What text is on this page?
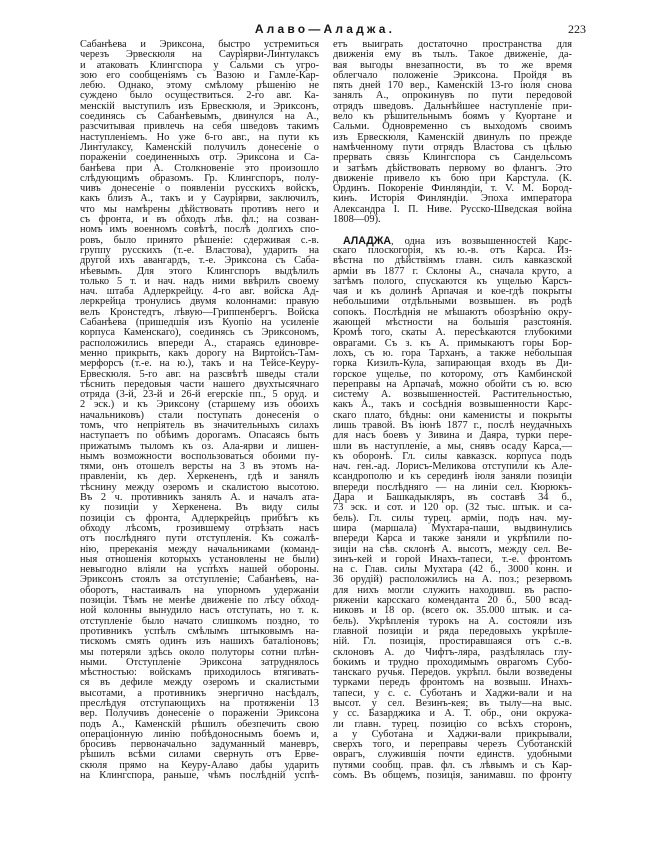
Алаво—Аладжа.	223
Сабанѣева и Эриксона, быстро устремиться
черезъ Эрвескюля на Сауріярви-Линтулаксъ
и атаковать Клингспора у Сальми съ угро-
зою его сообщеніямъ съ Вазою и Гамле-Кар-
лебю. Однако, этому смѣлому рѣшенію не
суждено было осуществиться. 2-го авг. Ка-
менскій выступилъ изъ Ервескюля, и Эриксонъ,
соединясь съ Сабанѣевымъ, двинулся на А.,
разсчитывая привлечь на себя шведовъ такимъ
наступленіемъ. Но уже 6-го авг., на пути къ
Линтулаксу, Каменскій получилъ донесеніе о
пораженіи соединенныхъ отр. Эриксона и Са-
банѣева при А. Столкновеніе это произошло
слѣдующимъ образомъ. Гр. Клингспоръ, полу-
чивъ донесеніе о появленіи русскихъ войскъ,
какъ близъ А., такъ и у Сауріярви, заключилъ,
что мы намѣрены дѣйствовать противъ него и
съ фронта, и въ обходъ лѣв. фл.; на созван-
номъ имъ военномъ совѣтѣ, послѣ долгихъ спо-
ровъ, было принято рѣшеніе: сдерживая с.-в.
группу русскихъ (т.-е. Властова), ударить на
другой ихъ авангардъ, т.-е. Эриксона съ Саба-
нѣевымъ. Для этого Клингспоръ выдѣлилъ
только 5 т. и нач. надъ ними ввѣрилъ своему
нач. штаба Адлеркрейцу. 4-го авг. войска Ад-
леркрейца тронулись двумя колоннами: правую
велъ Кронстедтъ, лѣвую—Гриппенбергъ. Войска
Сабанѣева (пришедшія изъ Куопіо на усиленіе
корпуса Каменскаго), соединясь съ Эриксономъ,
расположились впереди А., стараясь единовре-
менно прикрыть, какъ дорогу на Виртойсъ-Там-
мерфорсъ (т.-е. на ю.), такъ и на Тейсе-Кеуру-
Ервескюля. 5-го авг. на разсвѣтѣ шведы стали
тѣснить передовыя части нашего двухтысячнаго
отряда (3-й, 23-й и 26-й егерскіе пп., 5 оруд. и
2 эск.) и къ Эриксону (старшему изъ обоихъ
начальниковъ) стали поступать донесенія о
томъ, что непріятель въ значительныхъ силахъ
наступаетъ по обѣимъ дорогамъ. Опасаясь быть
прижатымъ тыломъ къ оз. Ала-ярви и лишен-
нымъ возможности воспользоваться обоими пу-
тями, онъ отошелъ версты на 3 въ этомъ на-
правленіи, къ дер. Херкененъ, гдѣ и занялъ
тѣснину между озеромъ и скалистою высотою.
Въ 2 ч. противникъ занялъ А. и началъ ата-
ку позиціи у Херкенена. Въ виду силы
позиціи съ фронта, Адлеркрейцъ прибѣгъ къ
обходу лѣсомъ, грозившему отрѣзать насъ
отъ послѣдняго пути отступленія. Къ сожалѣ-
нію, пререканія между начальниками (команд-
ныя отношенія которыхъ установлены не были)
невыгодно вліяли на успѣхъ нашей обороны.
Эриксонъ стоялъ за отступленіе; Сабанѣевъ, на-
оборотъ, настаивалъ на упорномъ удержаніи
позиціи. Тѣмъ не менѣе движеніе по лѣсу обход-
ной колонны вынудило насъ отступать, но т. к.
отступленіе было начато слишкомъ поздно, то
противникъ успѣлъ смѣлымъ штыковымъ на-
тискомъ смять одинъ изъ нашихъ баталіоновъ;
мы потеряли здѣсь около полуторы сотни плѣн-
ными. Отступленіе Эриксона затруднялось
мѣстностью: войскамъ приходилось втягивать-
ся въ дефиле между озеромъ и скалистыми
высотами, а противникъ энергично насѣдалъ,
преслѣдуя отступающихъ на протяженіи 13
вер. Получивъ донесеніе о пораженіи Эриксона
подъ А., Каменскій рѣшилъ обезпечить свою
операціонную линію побѣдоноснымъ боемъ и,
бросивъ первоначально задуманный маневръ,
рѣшилъ всѣми силами свернуть отъ Ерве-
скюля прямо на Кеуру-Алаво дабы ударить
на Клингспора, раньше, чѣмъ послѣдній успѣ-
етъ выиграть достаточно пространства для
движенія ему въ тылъ. Такое движеніе, да-
вая выгоды внезапности, въ то же время
облегчало положеніе Эриксона. Пройдя въ
пять дней 170 вер., Каменскій 13-го іюля снова
занялъ А., опрокинувъ по пути передовой
отрядъ шведовъ. Дальнѣйшее наступленіе при-
вело къ рѣшительнымъ боямъ у Куортане и
Сальми. Одновременно съ выходомъ своимъ
изъ Ервескюля, Каменскій двинулъ по прежде
намѣченному пути отрядъ Властова съ цѣлью
прервать связь Клингспора съ Сандельсомъ
и затѣмъ дѣйствовать первому во флангъ. Это
движеніе привело къ бою при Карстула. (К.
Ординъ. Покореніе Финляндіи, т. V. М. Бород-
кинъ. Исторія Финляндіи. Эпоха императора
Александра I. П. Нивe. Русско-Шведская война
1808—09).
АЛАДЖА, одна изъ возвышенностей Карс-
скаго плоскогорія, къ ю.-в. отъ Карса. Из-
вѣстна по дѣйствіямъ главн. силъ кавказской
арміи въ 1877 г. Склоны А., сначала круто, а
затѣмъ полого, спускаются къ ущелью Карсъ-
чая и къ долинѣ Арпачая и кое-гдѣ покрыты
небольшими отдѣльными возвышен. въ родѣ
сопокъ. Послѣднія не мѣшаютъ обозрѣнію окру-
жающей мѣстности на большія разстоянія.
Кромѣ того, скаты А. пересѣкаются глубокими
оврагами. Съ з. къ А. примыкаютъ горы Бор-
лохъ, съ ю. гора Тарханъ, а также небольшая
горка Кизилъ-Кула, запирающая входъ въ Ди-
горское ущелье, по которому, отъ Камбинской
переправы на Арпачаѣ, можно обойти съ ю. всю
систему А. возвышенностей. Растительностью,
какъ А., такъ и сосѣднія возвышенности Карс-
скаго плато, бѣдны: они каменисты и покрыты
лишь травой. Въ іюнѣ 1877 г., послѣ неудачныхъ
для насъ боевъ у Зивина и Даяра, турки пере-
шли въ наступленіе, а мы, снявъ осаду Карса,—
къ оборонѣ. Гл. силы кавказск. корпуса подъ
нач. ген.-ад. Лорисъ-Меликова отступили къ Але-
ксандрополю и къ серединѣ іюля заняли позиціи
впереди послѣдняго — на линіи сел. Кюрюкъ-
Дара и Башкадыкляръ, въ составѣ 34 б.,
73 эск. и сот. и 120 ор. (32 тыс. штык. и са-
бель). Гл. силы турец. арміи, подъ нач. му-
шира (маршала) Мухтара-паши, выдвинулись
впереди Карса и также заняли и укрѣпили по-
зиціи на сѣв. склонѣ А. высотъ, между сел. Ве-
зинъ-кей и горой Инахъ-тапеси, т.-е. фронтомъ
на с. Глав. силы Мухтара (42 б., 3000 конн. и
36 орудій) расположились на А. поз.; резервомъ
для нихъ могли служить находивш. въ распо-
ряженіи карсскаго коменданта 20 б., 500 всад-
никовъ и 18 ор. (всего ок. 35.000 штык. и са-
бель). Укрѣпленія турокъ на А. состояли изъ
главной позиціи и ряда передовыхъ укрѣпле-
ній. Гл. позиція, простиравшаяся отъ с.-в.
склоновъ А. до Чифтъ-ляра, раздѣлялась глу-
бокимъ и трудно проходимымъ оврагомъ Субо-
танскаго ручья. Передов. укрѣпл. были возведены
турками передъ фронтомъ на возвыш. Инахъ-
тапеси, у с. с. Суботанъ и Хаджи-вали и на
высот. у сел. Везинъ-кея; въ тылу—на выс.
у сс. Базарджика и А. Т. обр., они окружа-
ли главн. турец. позицію со всѣхъ сторонъ,
а у Суботана и Хаджи-вали прикрывали,
сверхъ того, и переправы черезъ Суботанскій
оврагъ, служившія почти единств. удобными
путями сообщ. прав. фл. съ лѣвымъ и съ Кар-
сомъ. Въ общемъ, позиція, занимавш. по фронту
